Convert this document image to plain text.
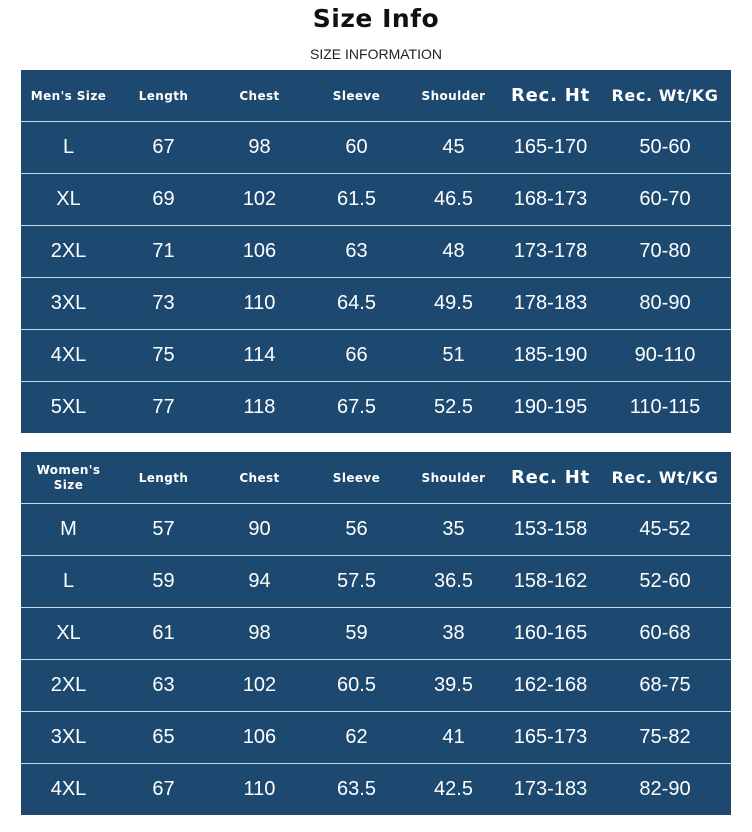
Size Info
SIZE INFORMATION
Men's Size	Length	Chest	Sleeve	Shoulder	Rec. Ht	Rec. Wt/KG
L	67	98	60	45	165-170	50-60
XL	69	102	61.5	46.5	168-173	60-70
2XL	71	106	63	48	173-178	70-80
3XL	73	110	64.5	49.5	178-183	80-90
4XL	75	114	66	51	185-190	90-110
5XL	77	118	67.5	52.5	190-195	110-115
Women's Size	Length	Chest	Sleeve	Shoulder	Rec. Ht	Rec. Wt/KG
M	57	90	56	35	153-158	45-52
L	59	94	57.5	36.5	158-162	52-60
XL	61	98	59	38	160-165	60-68
2XL	63	102	60.5	39.5	162-168	68-75
3XL	65	106	62	41	165-173	75-82
4XL	67	110	63.5	42.5	173-183	82-90
